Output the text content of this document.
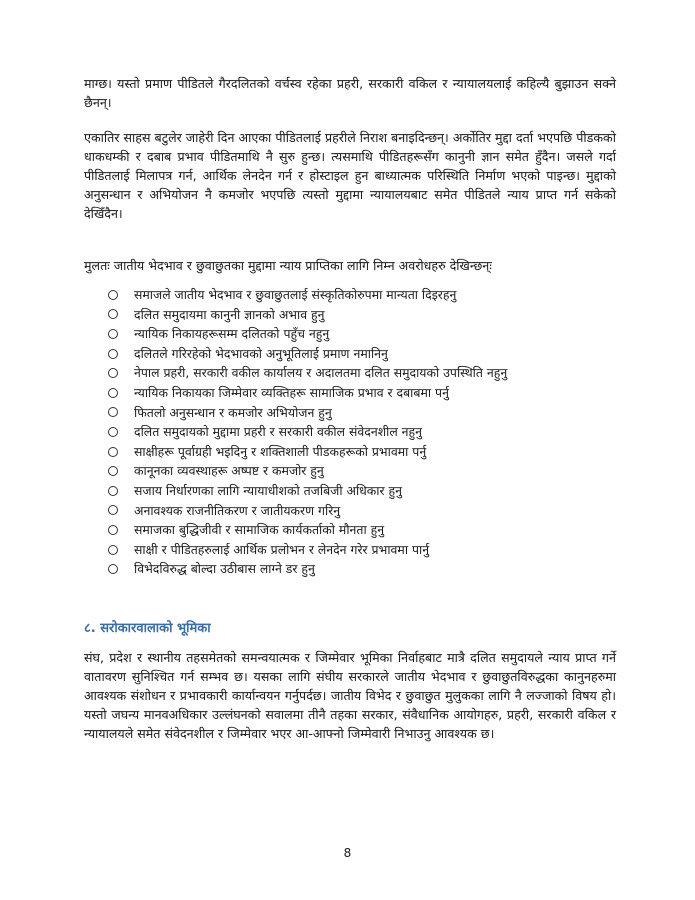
माग्छ। यस्तो प्रमाण पीडितले गैरदलितको वर्चस्व रहेका प्रहरी, सरकारी वकिल र न्यायालयलाई कहिल्यै बुझाउन सक्ने छैनन्।

एकातिर साहस बटुलेर जाहेरी दिन आएका पीडितलाई प्रहरीले निराश बनाइदिन्छन्। अर्कोतिर मुद्दा दर्ता भएपछि पीडकको धाकधम्की र दबाब प्रभाव पीडितमाथि नै सुरु हुन्छ। त्यसमाथि पीडितहरूसँग कानुनी ज्ञान समेत हुँदैन। जसले गर्दा पीडितलाई मिलापत्र गर्न, आर्थिक लेनदेन गर्न र होस्टाइल हुन बाध्यात्मक परिस्थिति निर्माण भएको पाइन्छ। मुद्दाको अनुसन्धान र अभियोजन नै कमजोर भएपछि त्यस्तो मुद्दामा न्यायालयबाट समेत पीडितले न्याय प्राप्त गर्न सकेको देखिँदैन।

मुलतः जातीय भेदभाव र छुवाछुतका मुद्दामा न्याय प्राप्तिका लागि निम्न अवरोधहरु देखिन्छन्ः

समाजले जातीय भेदभाव र छुवाछुतलाई संस्कृतिकोरुपमा मान्यता दिइरहनु
दलित समुदायमा कानुनी ज्ञानको अभाव हुनु
न्यायिक निकायहरूसम्म दलितको पहुँच नहुनु
दलितले गरिरहेको भेदभावको अनुभूतिलाई प्रमाण नमानिनु
नेपाल प्रहरी, सरकारी वकील कार्यालय र अदालतमा दलित समुदायको उपस्थिति नहुनु
न्यायिक निकायका जिम्मेवार व्यक्तिहरू सामाजिक प्रभाव र दबाबमा पर्नु
फितलो अनुसन्धान र कमजोर अभियोजन हुनु
दलित समुदायको मुद्दामा प्रहरी र सरकारी वकील संवेदनशील नहुनु
साक्षीहरू पूर्वाग्रही भइदिनु र शक्तिशाली पीडकहरूको प्रभावमा पर्नु
कानूनका व्यवस्थाहरू अष्पष्ट र कमजोर हुनु
सजाय निर्धारणका लागि न्यायाधीशको तजबिजी अधिकार हुनु
अनावश्यक राजनीतिकरण र जातीयकरण गरिनु
समाजका बुद्धिजीवी र सामाजिक कार्यकर्ताको मौनता हुनु
साक्षी र पीडितहरुलाई आर्थिक प्रलोभन र लेनदेन गरेर प्रभावमा पार्नु
विभेदविरुद्ध बोल्दा उठीबास लाग्ने डर हुनु
८. सरोकारवालाको भूमिका

संघ, प्रदेश र स्थानीय तहसमेतको समन्वयात्मक र जिम्मेवार भूमिका निर्वाहबाट मात्रै दलित समुदायले न्याय प्राप्त गर्ने वातावरण सुनिश्चित गर्न सम्भव छ। यसका लागि संघीय सरकारले जातीय भेदभाव र छुवाछुतविरुद्धका कानुनहरुमा आवश्यक संशोधन र प्रभावकारी कार्यान्वयन गर्नुपर्दछ। जातीय विभेद र छुवाछुत मुलुकका लागि नै लज्जाको विषय हो। यस्तो जघन्य मानवअधिकार उल्लंघनको सवालमा तीनै तहका सरकार, संवैधानिक आयोगहरु, प्रहरी, सरकारी वकिल र न्यायालयले समेत संवेदनशील र जिम्मेवार भएर आ-आफ्नो जिम्मेवारी निभाउनु आवश्यक छ।

8
